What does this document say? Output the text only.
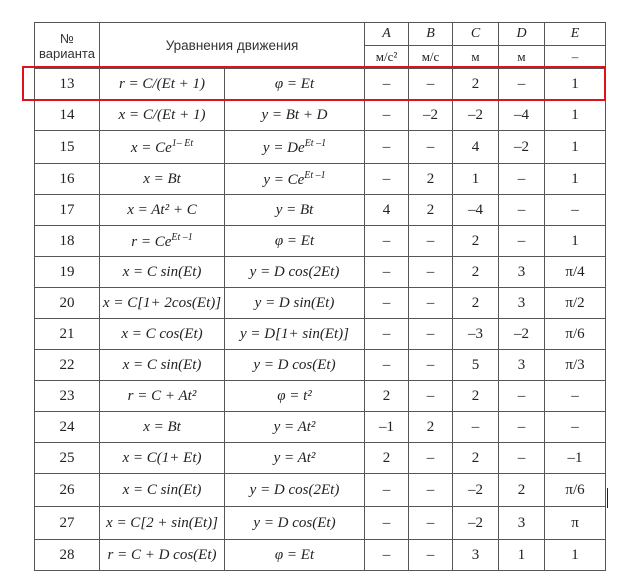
№
варианта	Уравнения движения		A	B	C	D	E
			м/с²	м/с	м	м	–
13	r = C/(Et + 1)	φ = Et	–	–	2	–	1
14	x = C/(Et + 1)	y = Bt + D	–	–2	–2	–4	1
15	$x = Ce^{1- Et}$	$y = De^{Et -1}$	–	–	4	–2	1
16	x = Bt	$y = Ce^{Et -1}$	–	2	1	–	1
17	x = At² + C	y = Bt	4	2	–4	–	–
18	$r = Ce^{Et -1}$	φ = Et	–	–	2	–	1
19	x = C sin(Et)	y = D cos(2Et)	–	–	2	3	π/4
20	x = C[1+ 2cos(Et)]	y = D sin(Et)	–	–	2	3	π/2
21	x = C cos(Et)	y = D[1+ sin(Et)]	–	–	–3	–2	π/6
22	x = C sin(Et)	y = D cos(Et)	–	–	5	3	π/3
23	r = C + At²	φ = t²	2	–	2	–	–
24	x = Bt	y = At²	–1	2	–	–	–
25	x = C(1+ Et)	y = At²	2	–	2	–	–1
26	x = C sin(Et)	y = D cos(2Et)	–	–	–2	2	π/6
27	x = C[2 + sin(Et)]	y = D cos(Et)	–	–	–2	3	π
28	r = C + D cos(Et)	φ = Et	–	–	3	1	1
